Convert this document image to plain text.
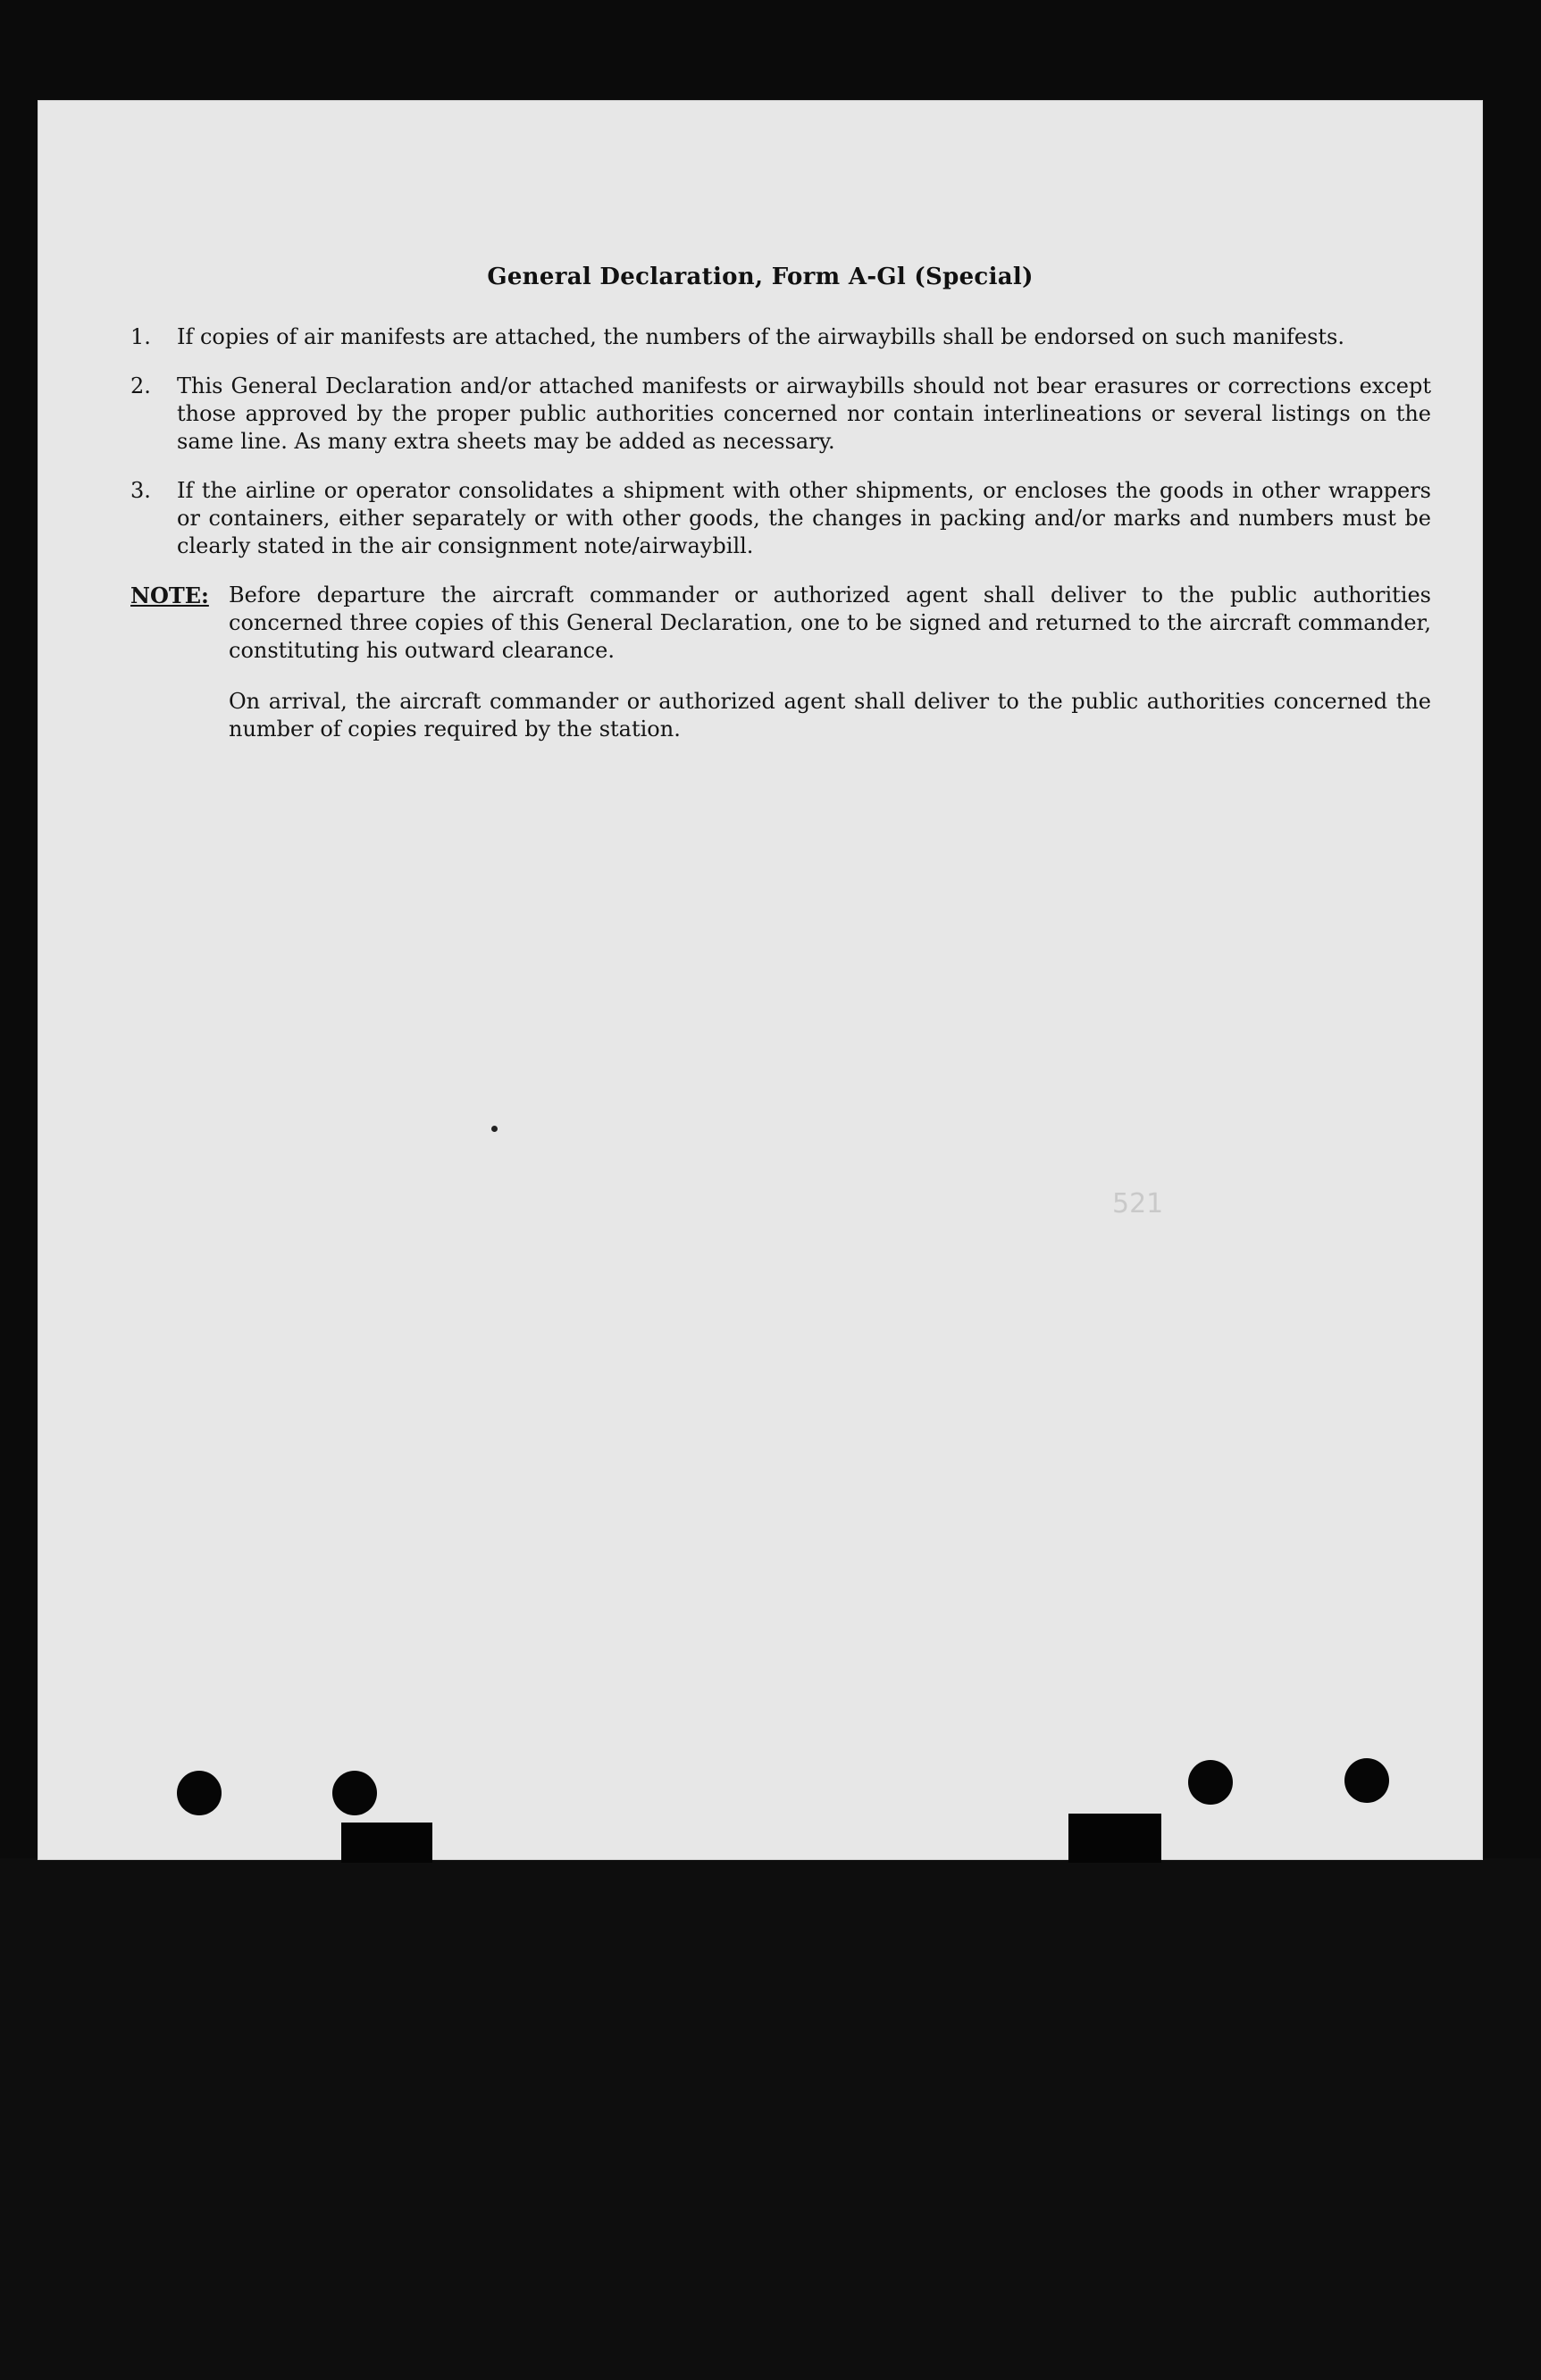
General Declaration, Form A-Gl (Special)
1.	If copies of air manifests are attached, the numbers of the airwaybills shall be endorsed on such manifests.
2.	This General Declaration and/or attached manifests or airwaybills should not bear erasures or corrections except those approved by the proper public authorities concerned nor contain interlineations or several listings on the same line. As many extra sheets may be added as necessary.
3.	If the airline or operator consolidates a shipment with other shipments, or encloses the goods in other wrappers or containers, either separately or with other goods, the changes in packing and/or marks and numbers must be clearly stated in the air consignment note/airwaybill.
NOTE: Before departure the aircraft commander or authorized agent shall deliver to the public authorities concerned three copies of this General Declaration, one to be signed and returned to the aircraft commander, constituting his outward clearance.

On arrival, the aircraft commander or authorized agent shall deliver to the public authorities concerned the number of copies required by the station.

521
